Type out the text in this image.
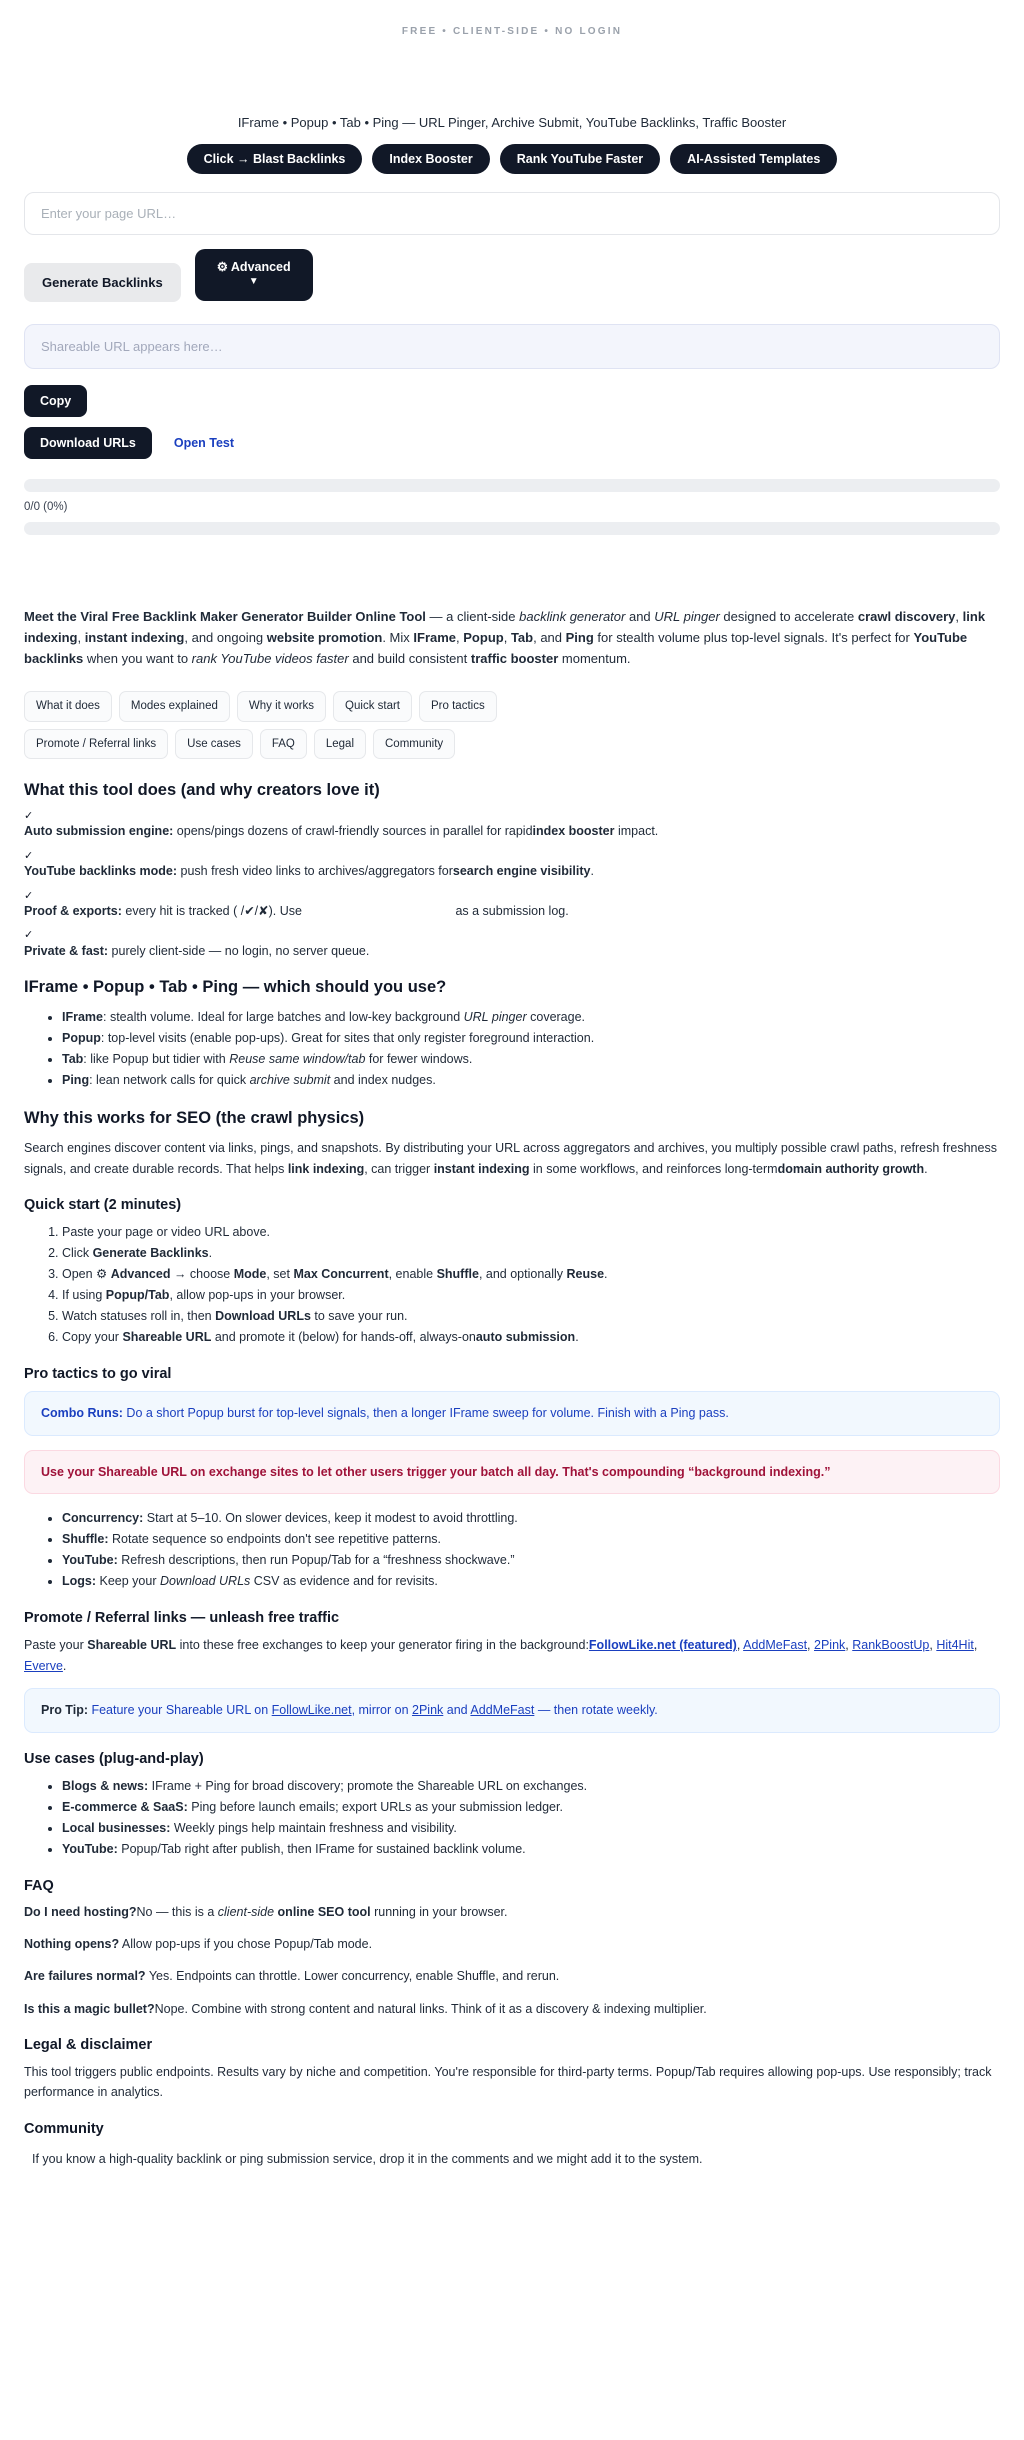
FREE • CLIENT-SIDE • NO LOGIN
IFrame • Popup • Tab • Ping — URL Pinger, Archive Submit, YouTube Backlinks, Traffic Booster
Click → Blast Backlinks	Index Booster	Rank YouTube Faster	AI-Assisted Templates
Enter your page URL…
Generate Backlinks
⚙ Advanced
▼
Shareable URL appears here…
Copy
Download URLs	Open Test
0/0 (0%)

Meet the Viral Free Backlink Maker Generator Builder Online Tool — a client-side backlink generator and URL pinger designed to accelerate crawl discovery, link indexing, instant indexing, and ongoing website promotion. Mix IFrame, Popup, Tab, and Ping for stealth volume plus top-level signals. It's perfect for YouTube backlinks when you want to rank YouTube videos faster and build consistent traffic booster momentum.

What it does	Modes explained	Why it works	Quick start	Pro tactics
Promote / Referral links	Use cases	FAQ	Legal	Community
What this tool does (and why creators love it)
✓
Auto submission engine: opens/pings dozens of crawl-friendly sources in parallel for rapidindex booster impact.
✓
YouTube backlinks mode: push fresh video links to archives/aggregators forsearch engine visibility.
✓
Proof & exports: every hit is tracked ( /✔/✘). Use	as a submission log.
✓
Private & fast: purely client-side — no login, no server queue.
IFrame • Popup • Tab • Ping — which should you use?
• IFrame: stealth volume. Ideal for large batches and low-key background URL pinger coverage.
• Popup: top-level visits (enable pop-ups). Great for sites that only register foreground interaction.
• Tab: like Popup but tidier with Reuse same window/tab for fewer windows.
• Ping: lean network calls for quick archive submit and index nudges.
Why this works for SEO (the crawl physics)

Search engines discover content via links, pings, and snapshots. By distributing your URL across aggregators and archives, you multiply possible crawl paths, refresh freshness signals, and create durable records. That helps link indexing, can trigger instant indexing in some workflows, and reinforces long-termdomain authority growth.

Quick start (2 minutes)
1. Paste your page or video URL above.
2. Click Generate Backlinks.
3. Open ⚙ Advanced → choose Mode, set Max Concurrent, enable Shuffle, and optionally Reuse.
4. If using Popup/Tab, allow pop-ups in your browser.
5. Watch statuses roll in, then Download URLs to save your run.
6. Copy your Shareable URL and promote it (below) for hands-off, always-onauto submission.
Pro tactics to go viral
Combo Runs: Do a short Popup burst for top-level signals, then a longer IFrame sweep for volume. Finish with a Ping pass.
Use your Shareable URL on exchange sites to let other users trigger your batch all day. That's compounding “background indexing.”
• Concurrency: Start at 5–10. On slower devices, keep it modest to avoid throttling.
• Shuffle: Rotate sequence so endpoints don't see repetitive patterns.
• YouTube: Refresh descriptions, then run Popup/Tab for a “freshness shockwave.”
• Logs: Keep your Download URLs CSV as evidence and for revisits.
Promote / Referral links — unleash free traffic

Paste your Shareable URL into these free exchanges to keep your generator firing in the background:FollowLike.net (featured), AddMeFast, 2Pink, RankBoostUp, Hit4Hit, Everve.

Pro Tip: Feature your Shareable URL on FollowLike.net, mirror on 2Pink and AddMeFast — then rotate weekly.
Use cases (plug-and-play)
• Blogs & news: IFrame + Ping for broad discovery; promote the Shareable URL on exchanges.
• E-commerce & SaaS: Ping before launch emails; export URLs as your submission ledger.
• Local businesses: Weekly pings help maintain freshness and visibility.
• YouTube: Popup/Tab right after publish, then IFrame for sustained backlink volume.
FAQ
Do I need hosting?No — this is a client-side online SEO tool running in your browser.
Nothing opens? Allow pop-ups if you chose Popup/Tab mode.
Are failures normal? Yes. Endpoints can throttle. Lower concurrency, enable Shuffle, and rerun.
Is this a magic bullet?Nope. Combine with strong content and natural links. Think of it as a discovery & indexing multiplier.
Legal & disclaimer

This tool triggers public endpoints. Results vary by niche and competition. You're responsible for third-party terms. Popup/Tab requires allowing pop-ups. Use responsibly; track performance in analytics.

Community

If you know a high-quality backlink or ping submission service, drop it in the comments and we might add it to the system.
